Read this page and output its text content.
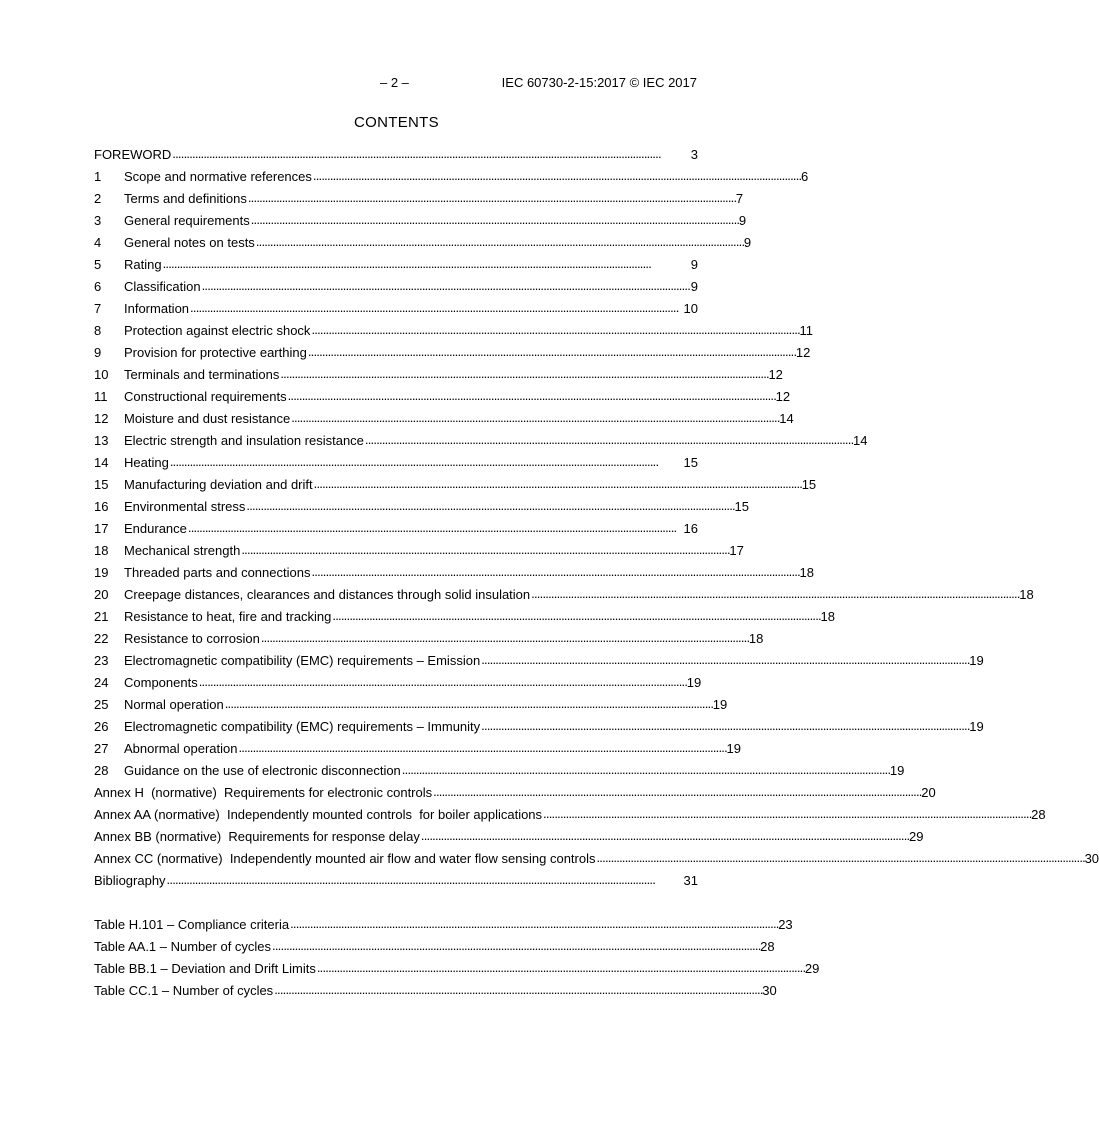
– 2 –	IEC 60730-2-15:2017 © IEC 2017
CONTENTS
FOREWORD . . .	3
1	Scope and normative references . . .	6
2	Terms and definitions . . .	7
3	General requirements . . .	9
4	General notes on tests . . .	9
5	Rating . . .	9
6	Classification . . .	9
7	Information . . .	10
8	Protection against electric shock . . .	11
9	Provision for protective earthing . . .	12
10	Terminals and terminations . . .	12
11	Constructional requirements . . .	12
12	Moisture and dust resistance . . .	14
13	Electric strength and insulation resistance . . .	14
14	Heating . . .	15
15	Manufacturing deviation and drift . . .	15
16	Environmental stress . . .	15
17	Endurance . . .	16
18	Mechanical strength . . .	17
19	Threaded parts and connections . . .	18
20	Creepage distances, clearances and distances through solid insulation . . .	18
21	Resistance to heat, fire and tracking . . .	18
22	Resistance to corrosion . . .	18
23	Electromagnetic compatibility (EMC) requirements – Emission . . .	19
24	Components . . .	19
25	Normal operation . . .	19
26	Electromagnetic compatibility (EMC) requirements – Immunity . . .	19
27	Abnormal operation . . .	19
28	Guidance on the use of electronic disconnection . . .	19
Annex H  (normative)  Requirements for electronic controls . . .	20
Annex AA (normative)  Independently mounted controls  for boiler applications . . .	28
Annex BB (normative)  Requirements for response delay . . .	29
Annex CC (normative)  Independently mounted air flow and water flow sensing controls . . .	30
Bibliography . . .	31
Table H.101 – Compliance criteria . . .	23
Table AA.1 – Number of cycles . . .	28
Table BB.1 – Deviation and Drift Limits . . .	29
Table CC.1 – Number of cycles . . .	30
